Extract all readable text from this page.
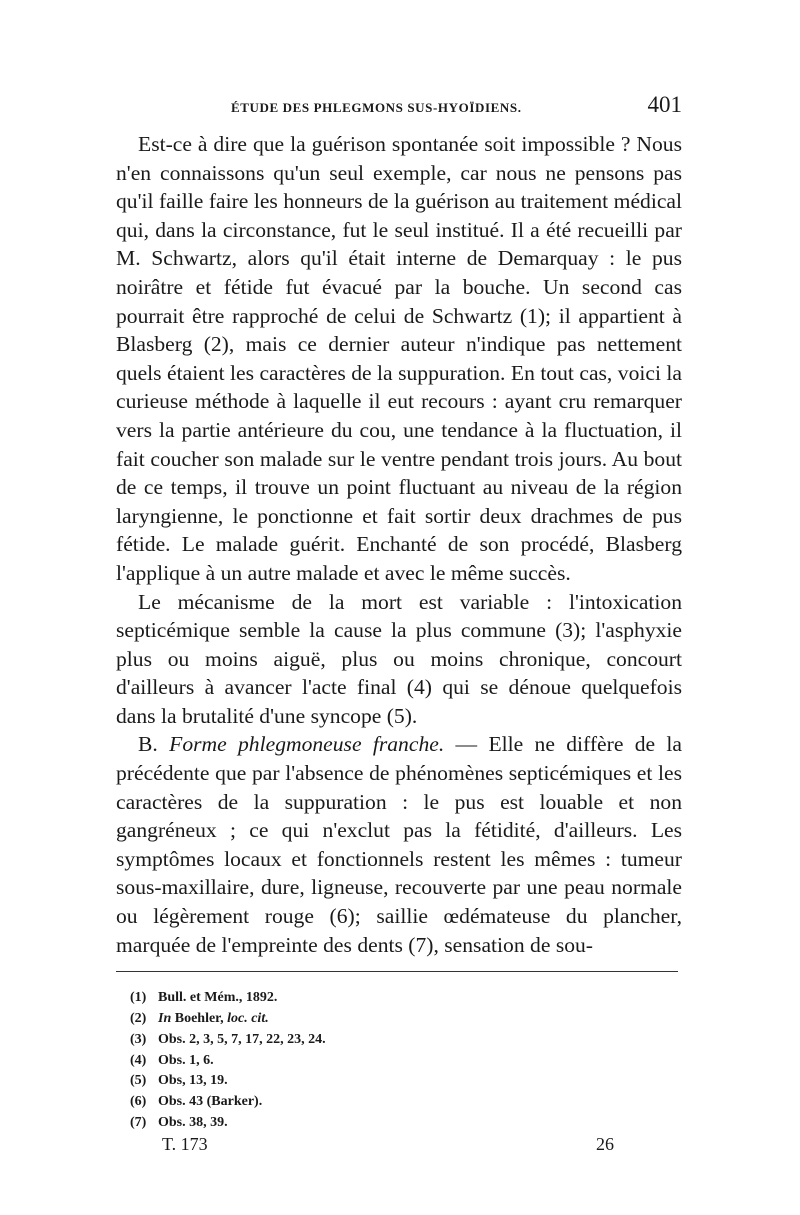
ÉTUDE DES PHLEGMONS SUS-HYOÏDIENS.	401

Est-ce à dire que la guérison spontanée soit impossible ? Nous n'en connaissons qu'un seul exemple, car nous ne pensons pas qu'il faille faire les honneurs de la guérison au traitement médical qui, dans la circonstance, fut le seul institué. Il a été recueilli par M. Schwartz, alors qu'il était interne de Demarquay : le pus noirâtre et fétide fut évacué par la bouche. Un second cas pourrait être rapproché de celui de Schwartz (1); il appartient à Blasberg (2), mais ce dernier auteur n'indique pas nettement quels étaient les caractères de la suppuration. En tout cas, voici la curieuse méthode à laquelle il eut recours : ayant cru remarquer vers la partie antérieure du cou, une tendance à la fluctuation, il fait coucher son malade sur le ventre pendant trois jours. Au bout de ce temps, il trouve un point fluctuant au niveau de la région laryngienne, le ponctionne et fait sortir deux drachmes de pus fétide. Le malade guérit. Enchanté de son procédé, Blasberg l'applique à un autre malade et avec le même succès.

Le mécanisme de la mort est variable : l'intoxication septicémique semble la cause la plus commune (3); l'asphyxie plus ou moins aiguë, plus ou moins chronique, concourt d'ailleurs à avancer l'acte final (4) qui se dénoue quelquefois dans la brutalité d'une syncope (5).

B. Forme phlegmoneuse franche. — Elle ne diffère de la précédente que par l'absence de phénomènes septicémiques et les caractères de la suppuration : le pus est louable et non gangréneux ; ce qui n'exclut pas la fétidité, d'ailleurs. Les symptômes locaux et fonctionnels restent les mêmes : tumeur sous-maxillaire, dure, ligneuse, recouverte par une peau normale ou légèrement rouge (6); saillie œdémateuse du plancher, marquée de l'empreinte des dents (7), sensation de sou-

(1) Bull. et Mém., 1892.
(2) In Boehler, loc. cit.
(3) Obs. 2, 3, 5, 7, 17, 22, 23, 24.
(4) Obs. 1, 6.
(5) Obs, 13, 19.
(6) Obs. 43 (Barker).
(7) Obs. 38, 39.
T. 173	26
